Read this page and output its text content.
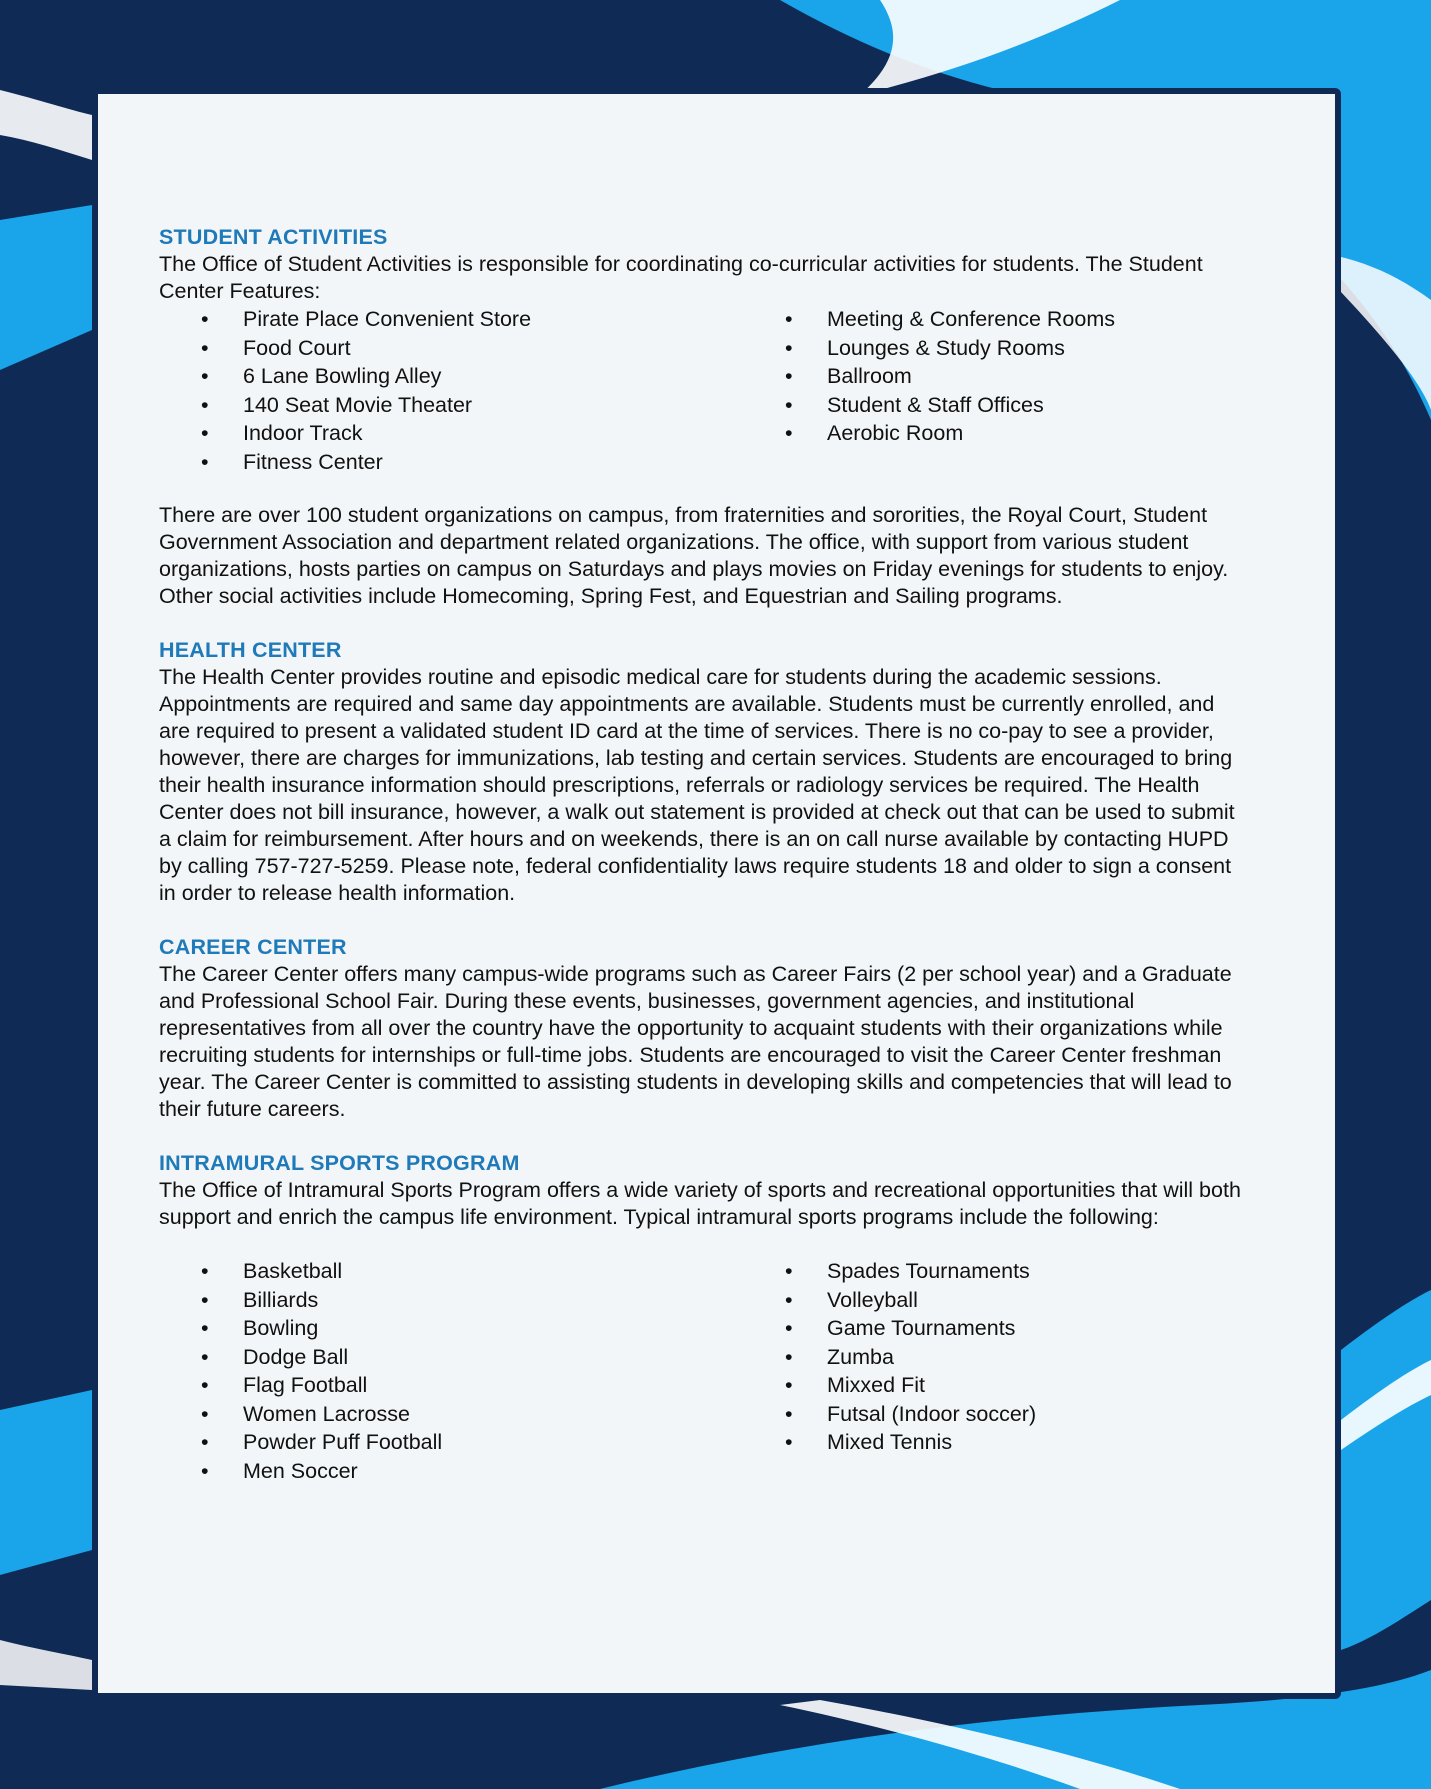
STUDENT ACTIVITIES

The Office of Student Activities is responsible for coordinating co-curricular activities for students. The Student Center Features:

• Pirate Place Convenient Store
• Food Court
• 6 Lane Bowling Alley
• 140 Seat Movie Theater
• Indoor Track
• Fitness Center
• Meeting & Conference Rooms
• Lounges & Study Rooms
• Ballroom
• Student & Staff Offices
• Aerobic Room

There are over 100 student organizations on campus, from fraternities and sororities, the Royal Court, Student Government Association and department related organizations. The office, with support from various student organizations, hosts parties on campus on Saturdays and plays movies on Friday evenings for students to enjoy. Other social activities include Homecoming, Spring Fest, and Equestrian and Sailing programs.

HEALTH CENTER

The Health Center provides routine and episodic medical care for students during the academic sessions. Appointments are required and same day appointments are available. Students must be currently enrolled, and are required to present a validated student ID card at the time of services. There is no co-pay to see a provider, however, there are charges for immunizations, lab testing and certain services. Students are encouraged to bring their health insurance information should prescriptions, referrals or radiology services be required. The Health Center does not bill insurance, however, a walk out statement is provided at check out that can be used to submit a claim for reimbursement. After hours and on weekends, there is an on call nurse available by contacting HUPD by calling 757-727-5259. Please note, federal confidentiality laws require students 18 and older to sign a consent in order to release health information.

CAREER CENTER

The Career Center offers many campus-wide programs such as Career Fairs (2 per school year) and a Graduate and Professional School Fair. During these events, businesses, government agencies, and institutional representatives from all over the country have the opportunity to acquaint students with their organizations while recruiting students for internships or full-time jobs. Students are encouraged to visit the Career Center freshman year. The Career Center is committed to assisting students in developing skills and competencies that will lead to their future careers.

INTRAMURAL SPORTS PROGRAM

The Office of Intramural Sports Program offers a wide variety of sports and recreational opportunities that will both support and enrich the campus life environment. Typical intramural sports programs include the following:

• Basketball
• Billiards
• Bowling
• Dodge Ball
• Flag Football
• Women Lacrosse
• Powder Puff Football
• Men Soccer
• Spades Tournaments
• Volleyball
• Game Tournaments
• Zumba
• Mixxed Fit
• Futsal (Indoor soccer)
• Mixed Tennis
